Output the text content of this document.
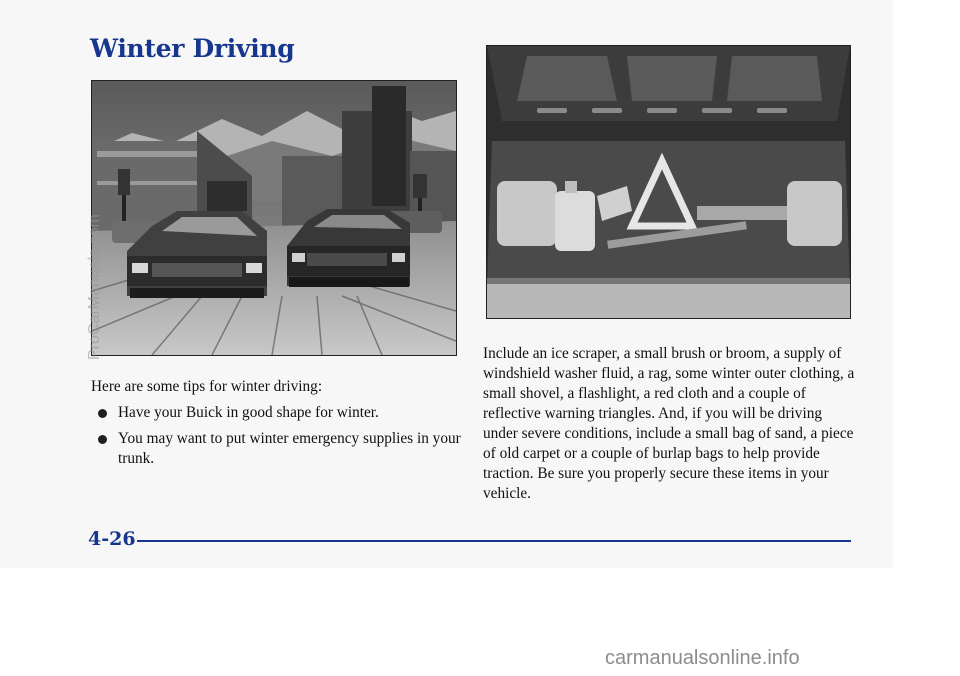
Winter Driving
Here are some tips for winter driving:
Have your Buick in good shape for winter.
You may want to put winter emergency supplies in your trunk.
Include an ice scraper, a small brush or broom, a supply of windshield washer fluid, a rag, some winter outer clothing, a small shovel, a flashlight, a red cloth and a couple of reflective warning triangles. And, if you will be driving under severe conditions, include a small bag of sand, a piece of old carpet or a couple of burlap bags to help provide traction. Be sure you properly secure these items in your vehicle.
4-26
ProCarManuals.com
carmanualsonline.info
